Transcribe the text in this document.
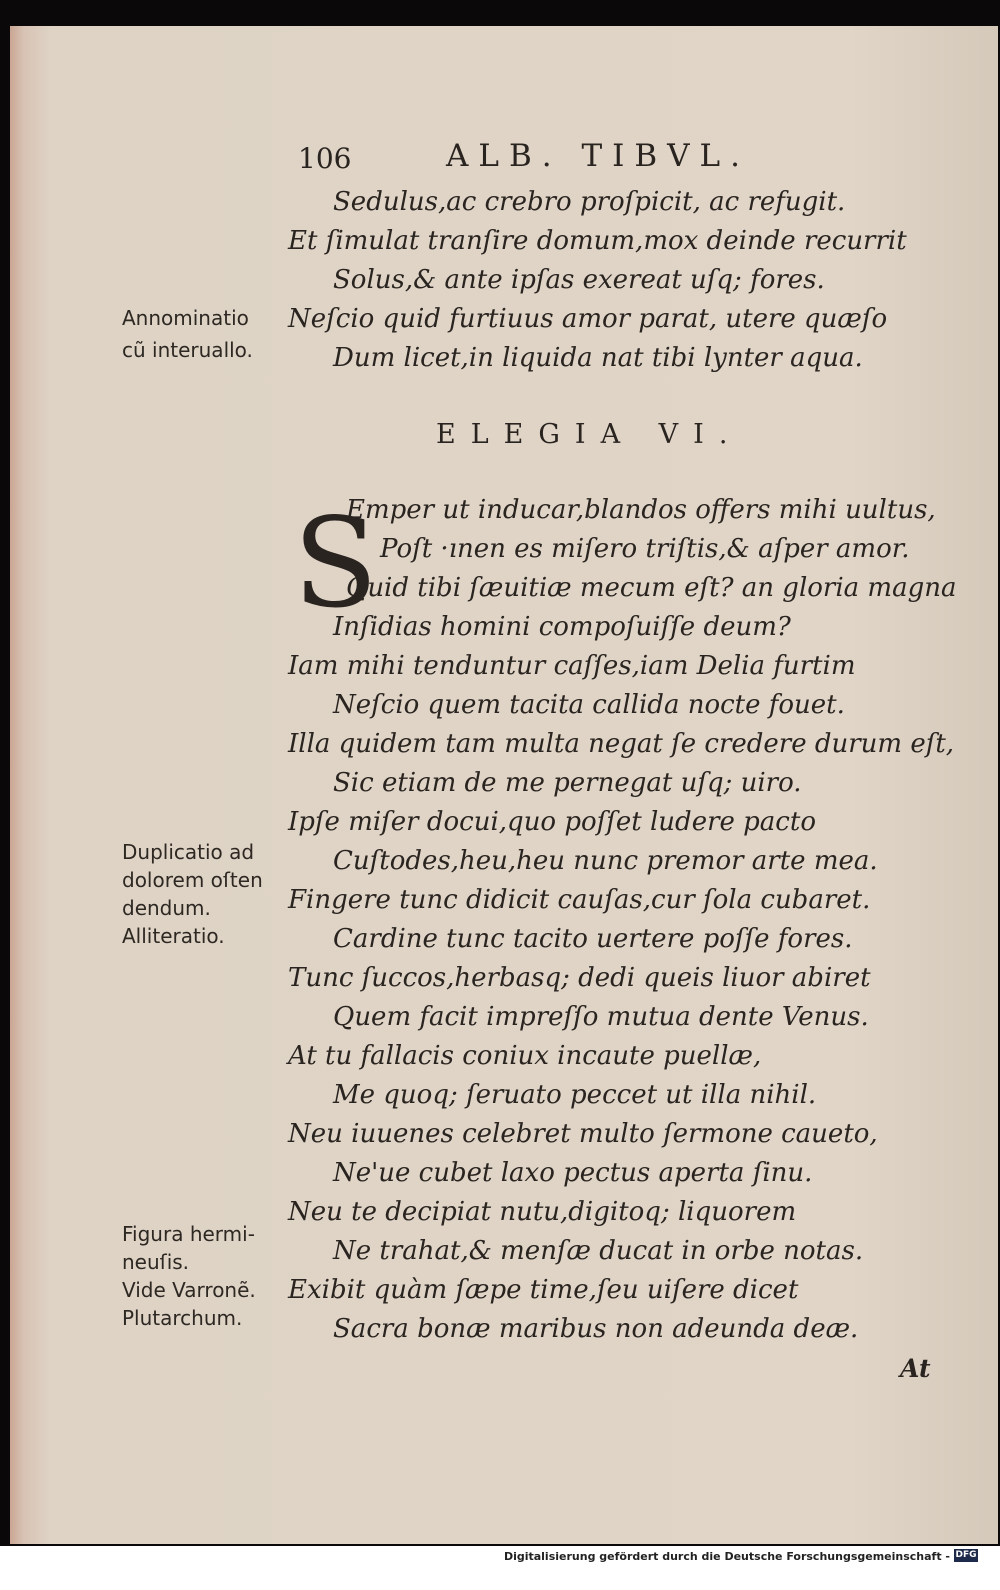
106	ALB. TIBVL.
Sedulus,ac crebro proſpicit, ac refugit.
Et ſimulat tranſire domum,mox deinde recurrit
Solus,& ante ipſas exereat uſq; fores.
Neſcio quid furtiuus amor parat, utere quæſo
Dum licet,in liquida nat tibi lynter aqua.
ELEGIA VI.
S
Emper ut inducar,blandos offers mihi uultus,
Poſt ·ınen es miſero triſtis,& aſper amor.
Quid tibi ſæuitiæ mecum eſt? an gloria magna
Inſidias homini compoſuiſſe deum?
Iam mihi tenduntur caſſes,iam Delia furtim
Neſcio quem tacita callida nocte fouet.
Illa quidem tam multa negat ſe credere durum eſt,
Sic etiam de me pernegat uſq; uiro.
Ipſe miſer docui,quo poſſet ludere pacto
Cuſtodes,heu,heu nunc premor arte mea.
Fingere tunc didicit cauſas,cur ſola cubaret.
Cardine tunc tacito uertere poſſe fores.
Tunc ſuccos,herbasq; dedi queis liuor abiret
Quem facit impreſſo mutua dente Venus.
At tu fallacis coniux incaute puellæ,
Me quoq; ſeruato peccet ut illa nihil.
Neu iuuenes celebret multo ſermone caueto,
Ne'ue cubet laxo pectus aperta ſinu.
Neu te decipiat nutu,digitoq; liquorem
Ne trahat,& menſæ ducat in orbe notas.
Exibit quàm ſæpe time,ſeu uiſere dicet
Sacra bonæ maribus non adeunda deæ.
Annominatio
cũ interuallo.
Duplicatio ad
dolorem oſten
dendum.
Alliteratio.
Figura hermi-
neuſis.
Vide Varronẽ.
Plutarchum.
At
Digitalisierung gefördert durch die Deutsche Forschungsgemeinschaft - DFG
